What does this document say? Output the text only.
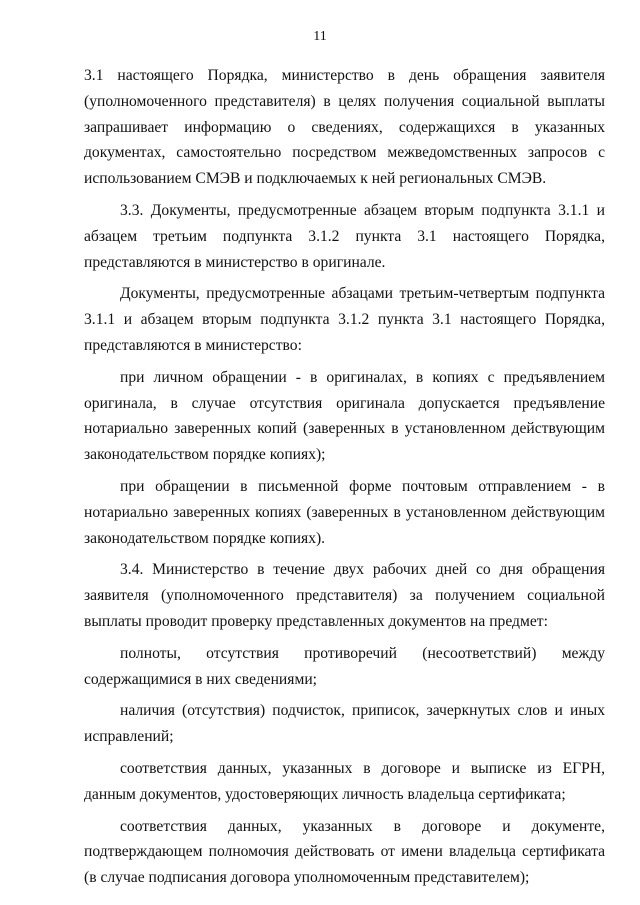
11

3.1 настоящего Порядка, министерство в день обращения заявителя (уполномоченного представителя) в целях получения социальной выплаты запрашивает информацию о сведениях, содержащихся в указанных документах, самостоятельно посредством межведомственных запросов с использованием СМЭВ и подключаемых к ней региональных СМЭВ.

3.3. Документы, предусмотренные абзацем вторым подпункта 3.1.1 и абзацем третьим подпункта 3.1.2 пункта 3.1 настоящего Порядка, представляются в министерство в оригинале.

Документы, предусмотренные абзацами третьим-четвертым подпункта 3.1.1 и абзацем вторым подпункта 3.1.2 пункта 3.1 настоящего Порядка, представляются в министерство:

при личном обращении - в оригиналах, в копиях с предъявлением оригинала, в случае отсутствия оригинала допускается предъявление нотариально заверенных копий (заверенных в установленном действующим законодательством порядке копиях);

при обращении в письменной форме почтовым отправлением - в нотариально заверенных копиях (заверенных в установленном действующим законодательством порядке копиях).

3.4. Министерство в течение двух рабочих дней со дня обращения заявителя (уполномоченного представителя) за получением социальной выплаты проводит проверку представленных документов на предмет:

полноты, отсутствия противоречий (несоответствий) между содержащимися в них сведениями;

наличия (отсутствия) подчисток, приписок, зачеркнутых слов и иных исправлений;

соответствия данных, указанных в договоре и выписке из ЕГРН, данным документов, удостоверяющих личность владельца сертификата;

соответствия данных, указанных в договоре и документе, подтверждающем полномочия действовать от имени владельца сертификата (в случае подписания договора уполномоченным представителем);
